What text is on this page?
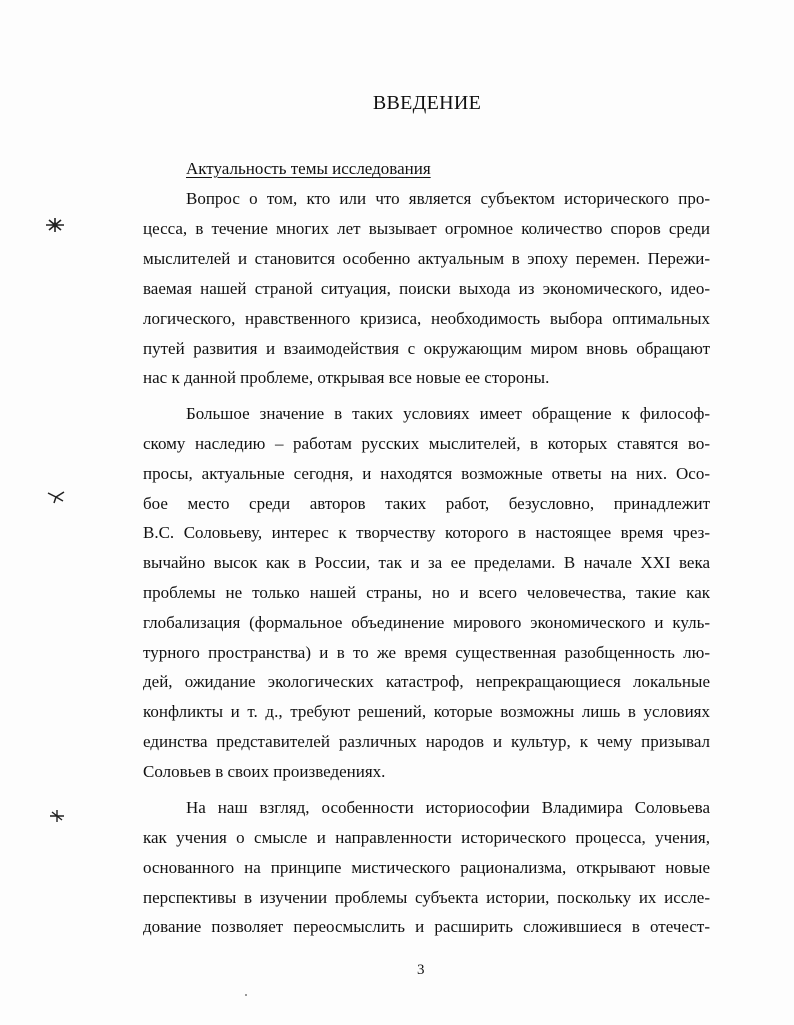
ВВЕДЕНИЕ
Актуальность темы исследования
Вопрос о том, кто или что является субъектом исторического про-
цесса, в течение многих лет вызывает огромное количество споров среди
мыслителей и становится особенно актуальным в эпоху перемен. Пережи-
ваемая нашей страной ситуация, поиски выхода из экономического, идео-
логического, нравственного кризиса, необходимость выбора оптимальных
путей развития и взаимодействия с окружающим миром вновь обращают
нас к данной проблеме, открывая все новые ее стороны.
Большое значение в таких условиях имеет обращение к философ-
скому наследию – работам русских мыслителей, в которых ставятся во-
просы, актуальные сегодня, и находятся возможные ответы на них. Осо-
бое место среди авторов таких работ, безусловно, принадлежит
В.С. Соловьеву, интерес к творчеству которого в настоящее время чрез-
вычайно высок как в России, так и за ее пределами. В начале XXI века
проблемы не только нашей страны, но и всего человечества, такие как
глобализация (формальное объединение мирового экономического и куль-
турного пространства) и в то же время существенная разобщенность лю-
дей, ожидание экологических катастроф, непрекращающиеся локальные
конфликты и т. д., требуют решений, которые возможны лишь в условиях
единства представителей различных народов и культур, к чему призывал
Соловьев в своих произведениях.
На наш взгляд, особенности историософии Владимира Соловьева
как учения о смысле и направленности исторического процесса, учения,
основанного на принципе мистического рационализма, открывают новые
перспективы в изучении проблемы субъекта истории, поскольку их иссле-
дование позволяет переосмыслить и расширить сложившиеся в отечест-
3
